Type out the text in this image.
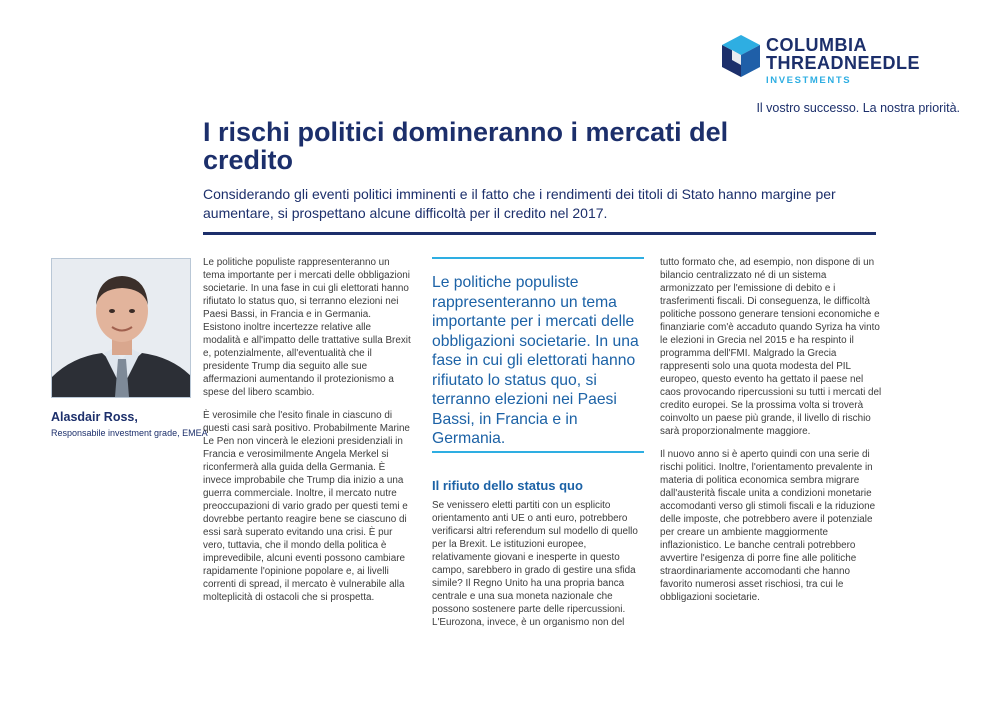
COLUMBIA
THREADNEEDLE
INVESTMENTS
Il vostro successo. La nostra priorità.
I rischi politici domineranno i mercati del credito
Considerando gli eventi politici imminenti e il fatto che i rendimenti dei titoli di Stato hanno margine per aumentare, si prospettano alcune difficoltà per il credito nel 2017.
Alasdair Ross,
Responsabile investment grade, EMEA

Le politiche populiste rappresenteranno un tema importante per i mercati delle obbligazioni societarie. In una fase in cui gli elettorati hanno rifiutato lo status quo, si terranno elezioni nei Paesi Bassi, in Francia e in Germania. Esistono inoltre incertezze relative alle modalità e all'impatto delle trattative sulla Brexit e, potenzialmente, all'eventualità che il presidente Trump dia seguito alle sue affermazioni aumentando il protezionismo a spese del libero scambio.

È verosimile che l'esito finale in ciascuno di questi casi sarà positivo. Probabilmente Marine Le Pen non vincerà le elezioni presidenziali in Francia e verosimilmente Angela Merkel si riconfermerà alla guida della Germania. È invece improbabile che Trump dia inizio a una guerra commerciale. Inoltre, il mercato nutre preoccupazioni di vario grado per questi temi e dovrebbe pertanto reagire bene se ciascuno di essi sarà superato evitando una crisi. È pur vero, tuttavia, che il mondo della politica è imprevedibile, alcuni eventi possono cambiare rapidamente l'opinione popolare e, ai livelli correnti di spread, il mercato è vulnerabile alla molteplicità di ostacoli che si prospetta.

Le politiche populiste rappresenteranno un tema importante per i mercati delle obbligazioni societarie. In una fase in cui gli elettorati hanno rifiutato lo status quo, si terranno elezioni nei Paesi Bassi, in Francia e in Germania.
Il rifiuto dello status quo

Se venissero eletti partiti con un esplicito orientamento anti UE o anti euro, potrebbero verificarsi altri referendum sul modello di quello per la Brexit. Le istituzioni europee, relativamente giovani e inesperte in questo campo, sarebbero in grado di gestire una sfida simile? Il Regno Unito ha una propria banca centrale e una sua moneta nazionale che possono sostenere parte delle ripercussioni. L'Eurozona, invece, è un organismo non del

tutto formato che, ad esempio, non dispone di un bilancio centralizzato né di un sistema armonizzato per l'emissione di debito e i trasferimenti fiscali. Di conseguenza, le difficoltà politiche possono generare tensioni economiche e finanziarie com'è accaduto quando Syriza ha vinto le elezioni in Grecia nel 2015 e ha respinto il programma dell'FMI. Malgrado la Grecia rappresenti solo una quota modesta del PIL europeo, questo evento ha gettato il paese nel caos provocando ripercussioni su tutti i mercati del credito europei. Se la prossima volta si troverà coinvolto un paese più grande, il livello di rischio sarà proporzionalmente maggiore.

Il nuovo anno si è aperto quindi con una serie di rischi politici. Inoltre, l'orientamento prevalente in materia di politica economica sembra migrare dall'austerità fiscale unita a condizioni monetarie accomodanti verso gli stimoli fiscali e la riduzione delle imposte, che potrebbero avere il potenziale per creare un ambiente maggiormente inflazionistico. Le banche centrali potrebbero avvertire l'esigenza di porre fine alle politiche straordinariamente accomodanti che hanno favorito numerosi asset rischiosi, tra cui le obbligazioni societarie.
